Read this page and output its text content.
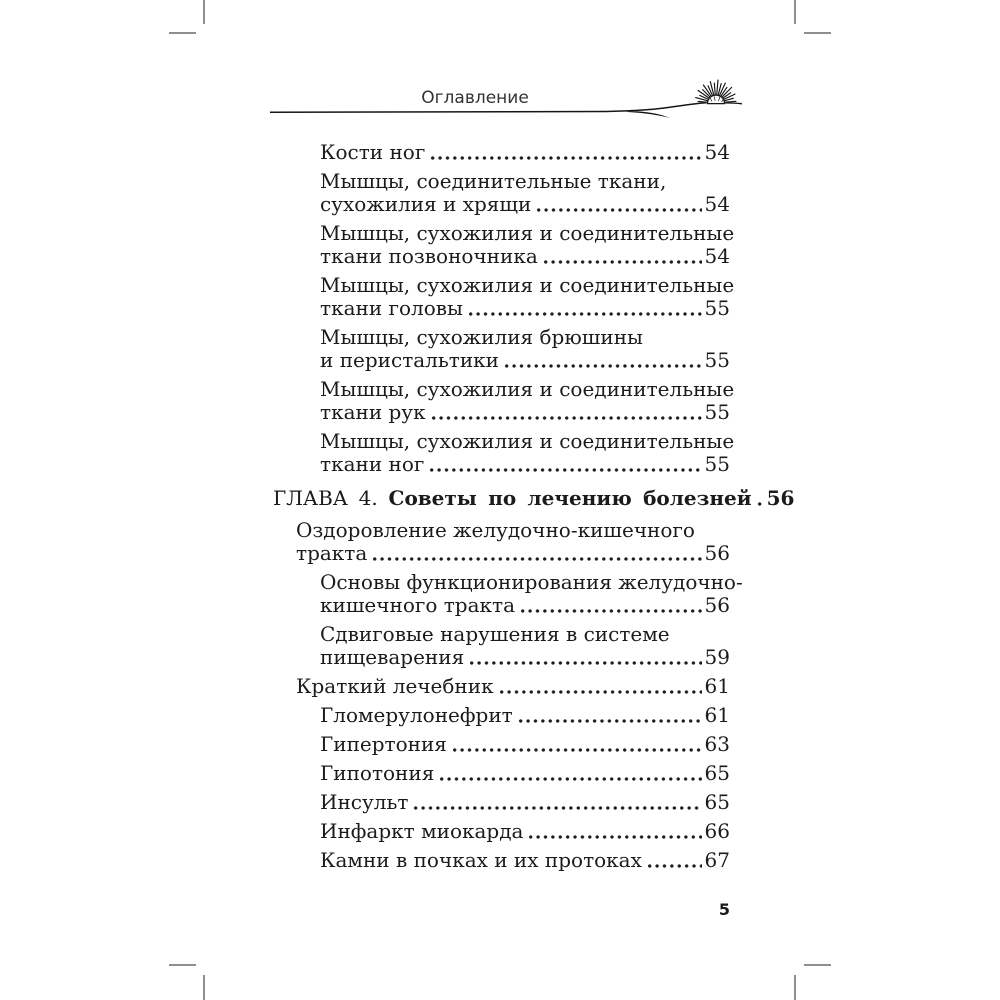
Оглавление
Кости ног	54
Мышцы, соединительные ткани,
сухожилия и хрящи	54
Мышцы, сухожилия и соединительные
ткани позвоночника	54
Мышцы, сухожилия и соединительные
ткани головы	55
Мышцы, сухожилия брюшины
и перистальтики	55
Мышцы, сухожилия и соединительные
ткани рук	55
Мышцы, сухожилия и соединительные
ткани ног	55
ГЛАВА 4. Советы по лечению болезней 56
Оздоровление желудочно-кишечного
тракта	56
Основы функционирования желудочно-
кишечного тракта	56
Сдвиговые нарушения в системе
пищеварения	59
Краткий лечебник	61
Гломерулонефрит	61
Гипертония	63
Гипотония	65
Инсульт	65
Инфаркт миокарда	66
Камни в почках и их протоках	67
5
